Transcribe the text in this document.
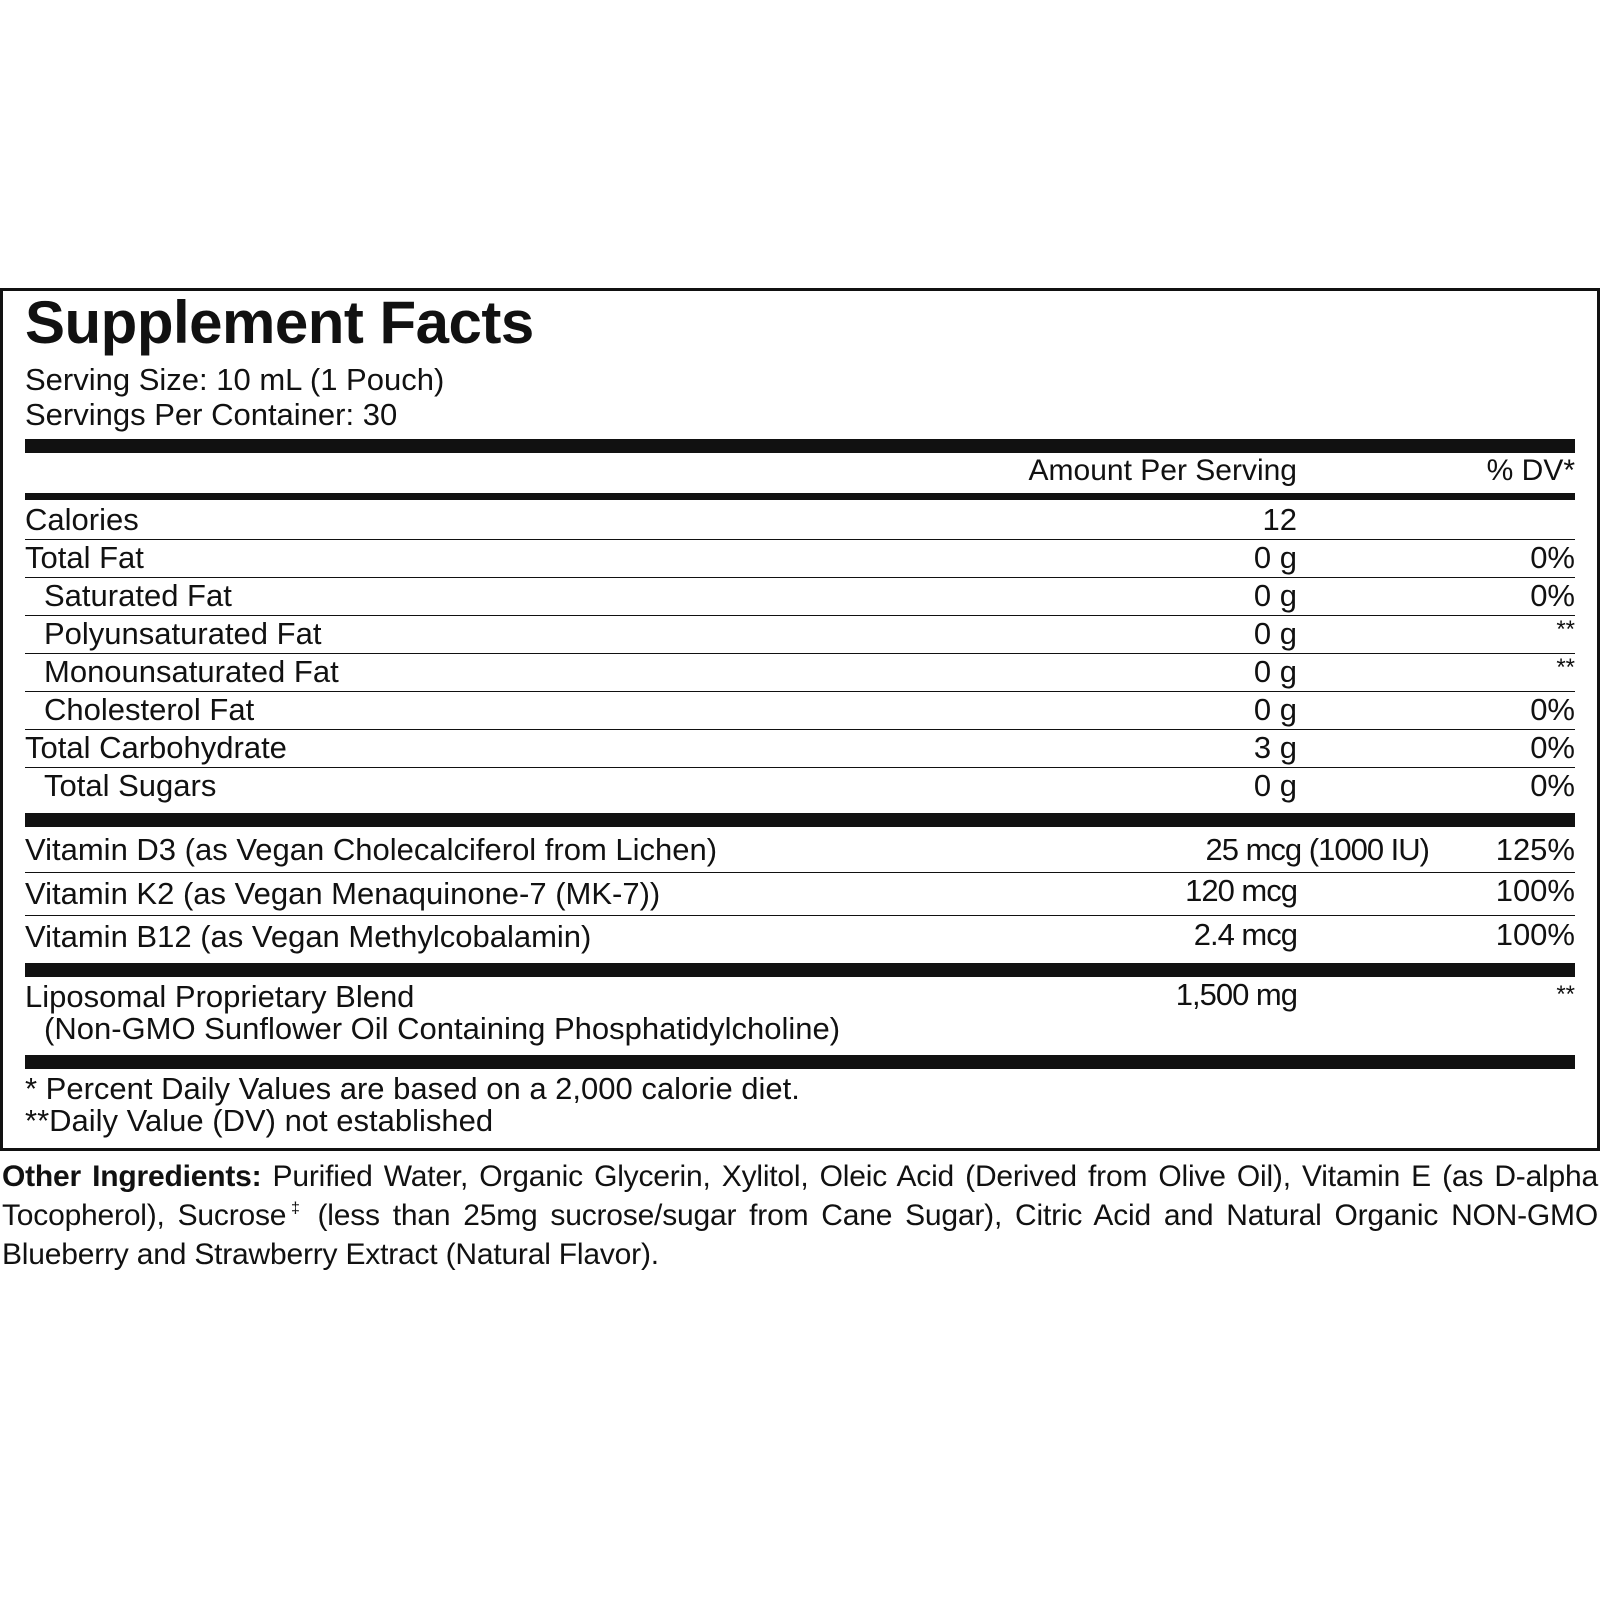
Supplement Facts
Serving Size: 10 mL (1 Pouch)
Servings Per Container: 30
Amount Per Serving	% DV*
Calories	12
Total Fat	0 g	0%
Saturated Fat	0 g	0%
Polyunsaturated Fat	0 g	**
Monounsaturated Fat	0 g	**
Cholesterol Fat	0 g	0%
Total Carbohydrate	3 g	0%
Total Sugars	0 g	0%
Vitamin D3 (as Vegan Cholecalciferol from Lichen)	25 mcg (1000 IU) 125%
Vitamin K2 (as Vegan Menaquinone-7 (MK-7))	120 mcg	100%
Vitamin B12 (as Vegan Methylcobalamin)	2.4 mcg	100%
Liposomal Proprietary Blend
(Non-GMO Sunflower Oil Containing Phosphatidylcholine)
1,500 mg	**
* Percent Daily Values are based on a 2,000 calorie diet.
**Daily Value (DV) not established
Other Ingredients: Purified Water, Organic Glycerin, Xylitol, Oleic Acid (Derived from Olive Oil), Vitamin E (as D-alpha Tocopherol), Sucrose‡ (less than 25mg sucrose/sugar from Cane Sugar), Citric Acid and Natural Organic NON-GMO Blueberry and Strawberry Extract (Natural Flavor).
